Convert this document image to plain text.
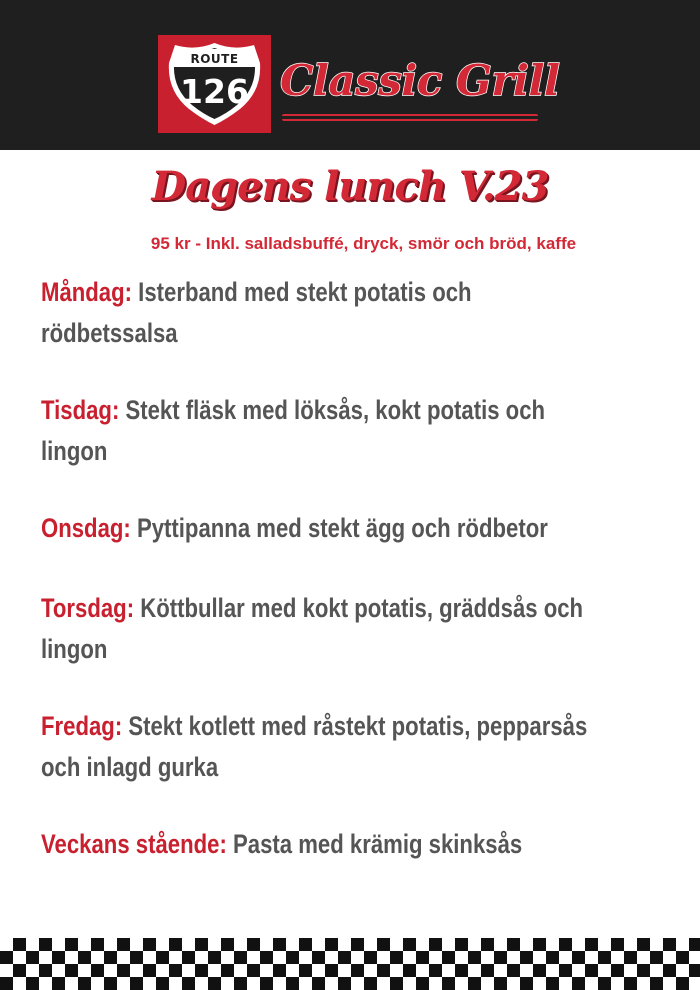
ROUTE
126 Classic Grill
Dagens lunch V.23
95 kr - Inkl. salladsbuffé, dryck, smör och bröd, kaffe
Måndag: Isterband med stekt potatis och
rödbetssalsa
Tisdag: Stekt fläsk med löksås, kokt potatis och
lingon
Onsdag: Pyttipanna med stekt ägg och rödbetor
Torsdag: Köttbullar med kokt potatis, gräddsås och
lingon
Fredag: Stekt kotlett med råstekt potatis, pepparsås
och inlagd gurka
Veckans stående: Pasta med krämig skinksås
